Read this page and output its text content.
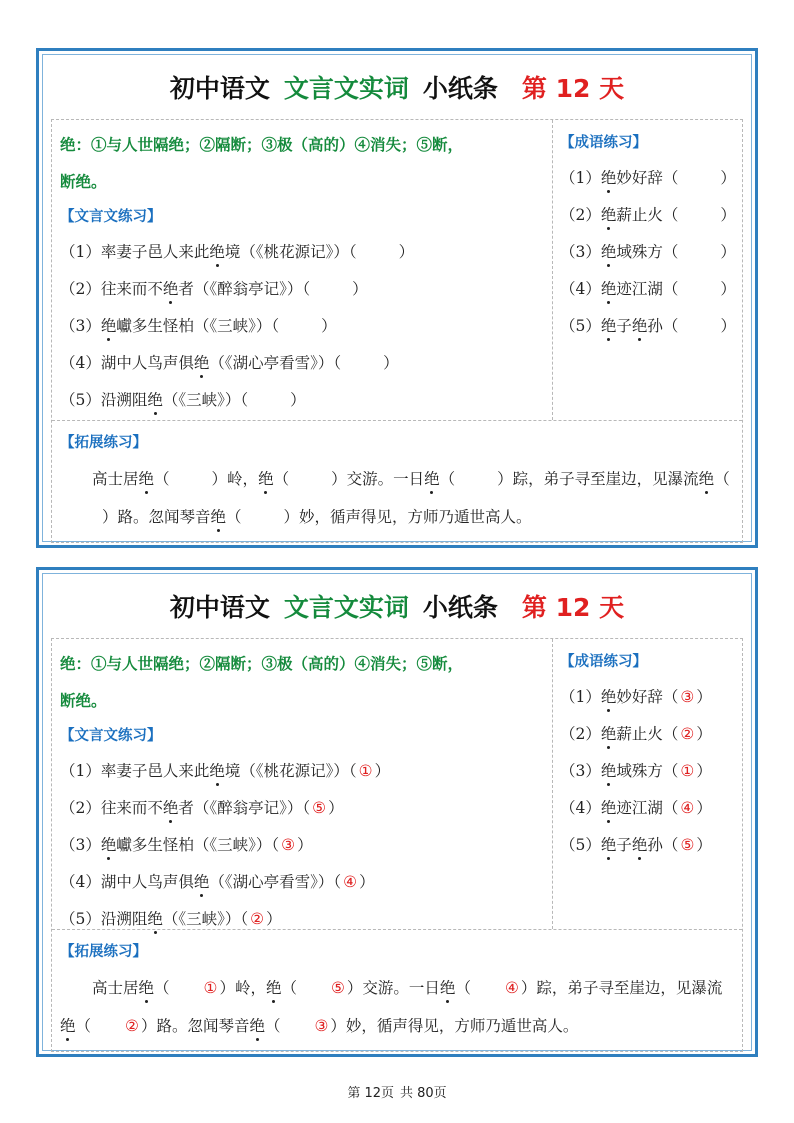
初中语文 文言文实词 小纸条 第 12 天
绝：①与人世隔绝；②隔断；③极（高的）④消失；⑤断，
断绝。
【文言文练习】
（1）率妻子邑人来此绝境（《桃花源记》）（	）
（2）往来而不绝者（《醉翁亭记》）（	）
（3）绝巘多生怪柏（《三峡》）（	）
（4）湖中人鸟声俱绝（《湖心亭看雪》）（	）
（5）沿溯阻绝（《三峡》）（	）
【成语练习】
（1）绝妙好辞（	）
（2）绝薪止火（	）
（3）绝域殊方（	）
（4）绝迹江湖（	）
（5）绝子绝孙（	）
【拓展练习】
高士居绝（	）岭，绝（	）交游。一日绝（	）踪，弟子寻至崖边，见瀑流绝（）路。忽闻琴音绝（	）妙，循声得见，方师乃遁世高人。
初中语文 文言文实词 小纸条 第 12 天
绝：①与人世隔绝；②隔断；③极（高的）④消失；⑤断，
断绝。
【文言文练习】
（1）率妻子邑人来此绝境（《桃花源记》）（ ① ）
（2）往来而不绝者（《醉翁亭记》）（ ⑤ ）
（3）绝巘多生怪柏（《三峡》）（ ③ ）
（4）湖中人鸟声俱绝（《湖心亭看雪》）（ ④ ）
（5）沿溯阻绝（《三峡》）（ ② ）
【成语练习】
（1）绝妙好辞（ ③ ）
（2）绝薪止火（ ② ）
（3）绝域殊方（ ① ）
（4）绝迹江湖（ ④ ）
（5）绝子绝孙（ ⑤ ）
【拓展练习】
高士居绝（ ① ）岭，绝（ ⑤ ）交游。一日绝（ ④ ）踪，弟子寻至崖边，见瀑流绝（ ② ）路。忽闻琴音绝（ ③ ）妙，循声得见，方师乃遁世高人。
第 12页 共 80页
